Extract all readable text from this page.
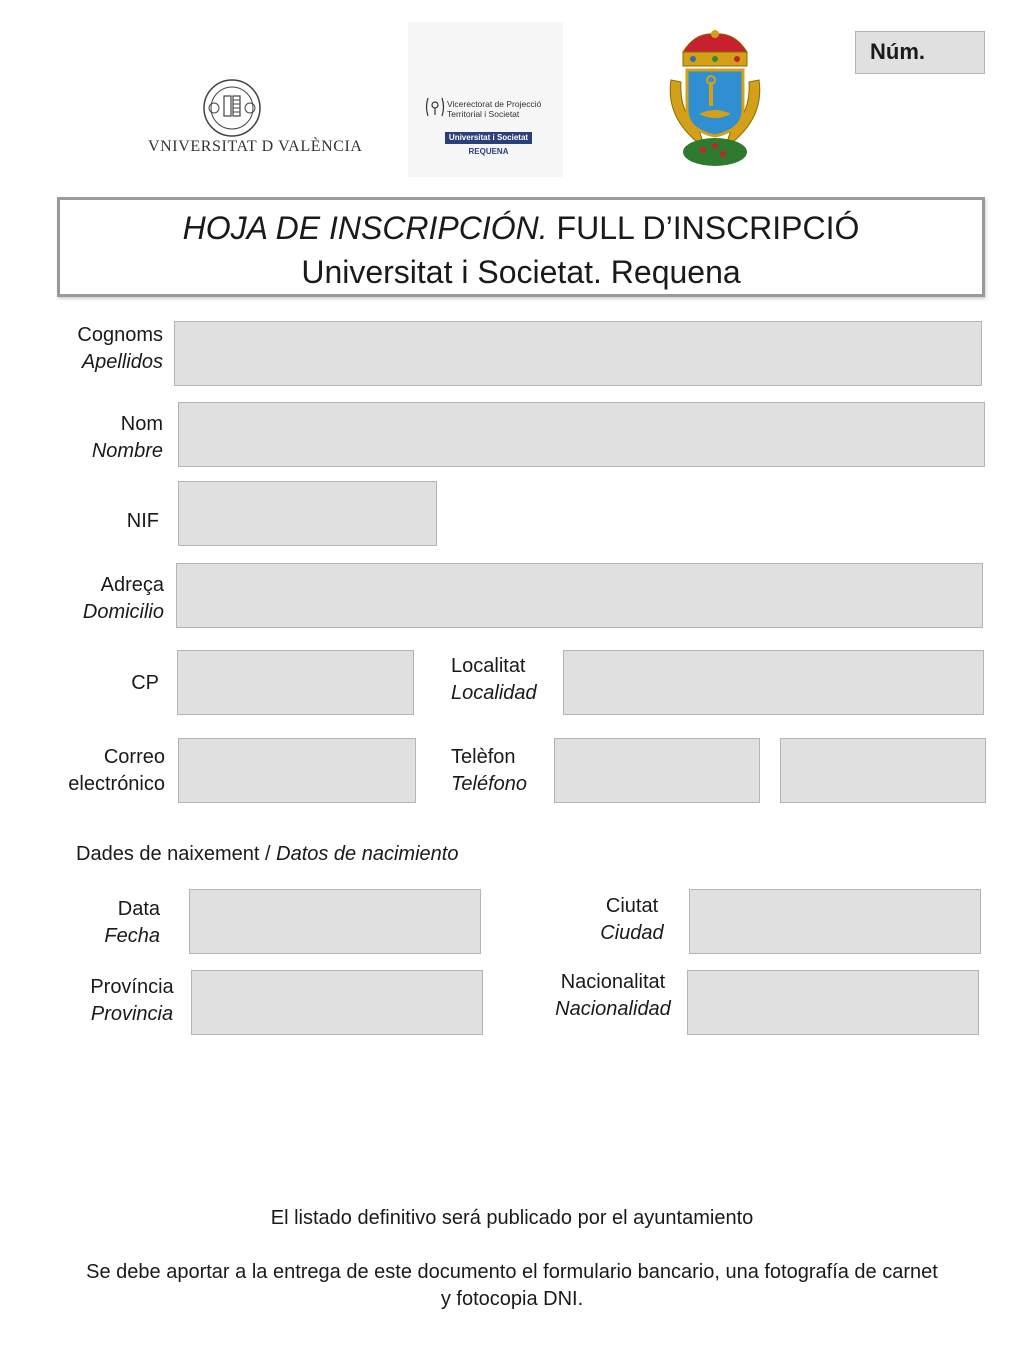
VNIVERSITAT D VALÈNCIA
Vicerectorat de Projecció
Territorial i Societat
Universitat i Societat
REQUENA
Núm.
HOJA DE INSCRIPCIÓN. FULL D’INSCRIPCIÓ
Universitat i Societat. Requena
Cognoms
Apellidos
Nom
Nombre
NIF
Adreça
Domicilio
CP
Localitat
Localidad
Correo
electrónico
Telèfon
Teléfono
Dades de naixement / Datos de nacimiento
Data
Fecha
Ciutat
Ciudad
Província
Provincia
Nacionalitat
Nacionalidad
El listado definitivo será publicado por el ayuntamiento
Se debe aportar a la entrega de este documento el formulario bancario, una fotografía de carnet
y fotocopia DNI.
